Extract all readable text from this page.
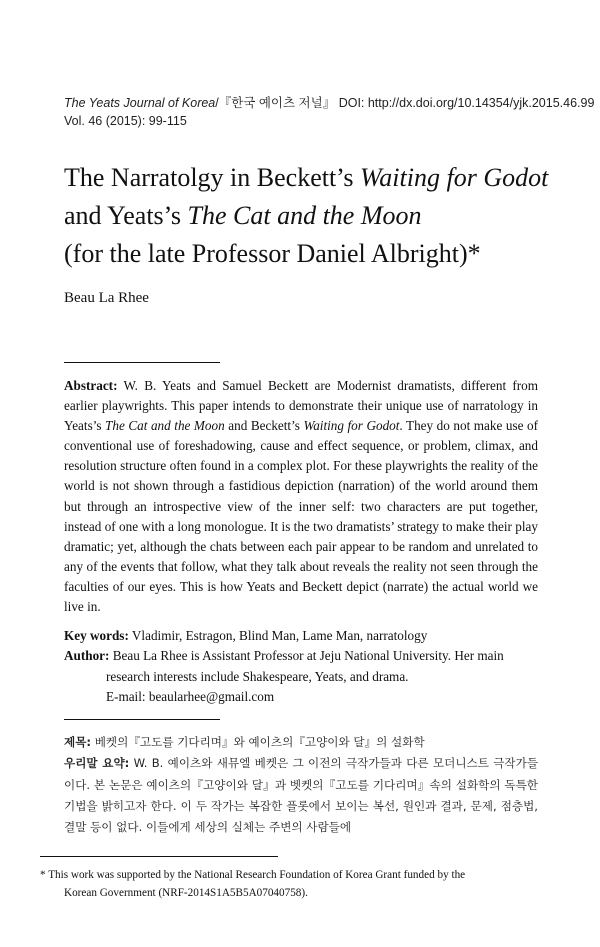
The Yeats Journal of Korea/『한국 예이츠 저널』 DOI: http://dx.doi.org/10.14354/yjk.2015.46.99
Vol. 46 (2015): 99-115
The Narratolgy in Beckett’s Waiting for Godot
and Yeats’s The Cat and the Moon
(for the late Professor Daniel Albright)*
Beau La Rhee
Abstract: W. B. Yeats and Samuel Beckett are Modernist dramatists, different from earlier playwrights. This paper intends to demonstrate their unique use of narratology in Yeats’s The Cat and the Moon and Beckett’s Waiting for Godot. They do not make use of conventional use of foreshadowing, cause and effect sequence, or problem, climax, and resolution structure often found in a complex plot. For these playwrights the reality of the world is not shown through a fastidious depiction (narration) of the world around them but through an introspective view of the inner self: two characters are put together, instead of one with a long monologue. It is the two dramatists’ strategy to make their play dramatic; yet, although the chats between each pair appear to be random and unrelated to any of the events that follow, what they talk about reveals the reality not seen through the faculties of our eyes. This is how Yeats and Beckett depict (narrate) the actual world we live in.
Key words: Vladimir, Estragon, Blind Man, Lame Man, narratology
Author: Beau La Rhee is Assistant Professor at Jeju National University. Her main
research interests include Shakespeare, Yeats, and drama.
E-mail: beaularhee@gmail.com
제목: 베켓의『고도를 기다리며』와 예이츠의『고양이와 달』의 설화학
우리말 요약: W. B. 예이츠와 새뮤엘 베켓은 그 이전의 극작가들과 다른 모더니스트 극작가들이다. 본 논문은 예이츠의『고양이와 달』과 벳켓의『고도를 기다리며』속의 설화학의 독특한 기법을 밝히고자 한다. 이 두 작가는 복잡한 플롯에서 보이는 복선, 원인과 결과, 문제, 점층법, 결말 등이 없다. 이들에게 세상의 실체는 주변의 사람들에
* This work was supported by the National Research Foundation of Korea Grant funded by the
Korean Government (NRF-2014S1A5B5A07040758).
